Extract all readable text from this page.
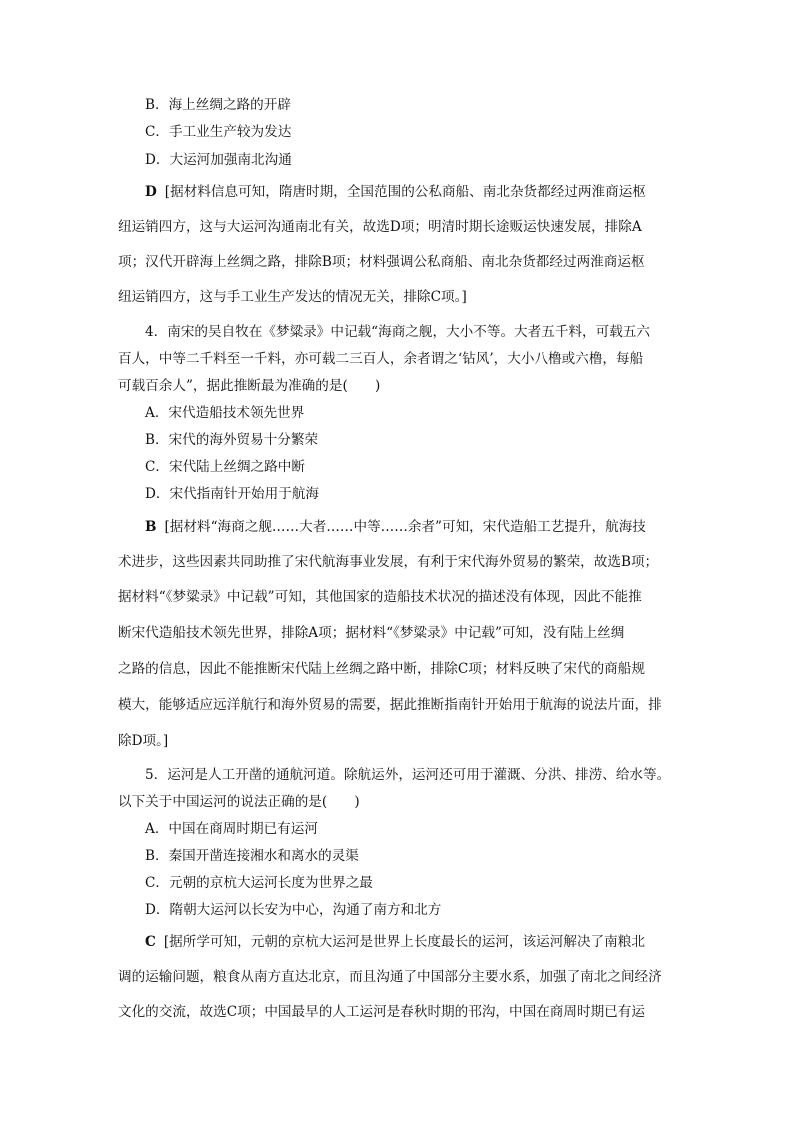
B．海上丝绸之路的开辟
C．手工业生产较为发达
D．大运河加强南北沟通
D [据材料信息可知，隋唐时期，全国范围的公私商船、南北杂货都经过两淮商运枢
纽运销四方，这与大运河沟通南北有关，故选D项；明清时期长途贩运快速发展，排除A
项；汉代开辟海上丝绸之路，排除B项；材料强调公私商船、南北杂货都经过两淮商运枢
纽运销四方，这与手工业生产发达的情况无关，排除C项。]
4．南宋的吴自牧在《梦粱录》中记载“海商之舰，大小不等。大者五千料，可载五六
百人，中等二千料至一千料，亦可载二三百人，余者谓之‘钻风’，大小八橹或六橹，每船
可载百余人”，据此推断最为准确的是(　　)
A．宋代造船技术领先世界
B．宋代的海外贸易十分繁荣
C．宋代陆上丝绸之路中断
D．宋代指南针开始用于航海
B [据材料“海商之舰……大者……中等……余者”可知，宋代造船工艺提升，航海技
术进步，这些因素共同助推了宋代航海事业发展，有利于宋代海外贸易的繁荣，故选B项；
据材料“《梦粱录》中记载”可知，其他国家的造船技术状况的描述没有体现，因此不能推
断宋代造船技术领先世界，排除A项；据材料“《梦粱录》中记载”可知，没有陆上丝绸
之路的信息，因此不能推断宋代陆上丝绸之路中断，排除C项；材料反映了宋代的商船规
模大，能够适应远洋航行和海外贸易的需要，据此推断指南针开始用于航海的说法片面，排
除D项。]
5．运河是人工开凿的通航河道。除航运外，运河还可用于灌溉、分洪、排涝、给水等。
以下关于中国运河的说法正确的是(　　)
A．中国在商周时期已有运河
B．秦国开凿连接湘水和离水的灵渠
C．元朝的京杭大运河长度为世界之最
D．隋朝大运河以长安为中心，沟通了南方和北方
C [据所学可知，元朝的京杭大运河是世界上长度最长的运河，该运河解决了南粮北
调的运输问题，粮食从南方直达北京，而且沟通了中国部分主要水系，加强了南北之间经济
文化的交流，故选C项；中国最早的人工运河是春秋时期的邗沟，中国在商周时期已有运
